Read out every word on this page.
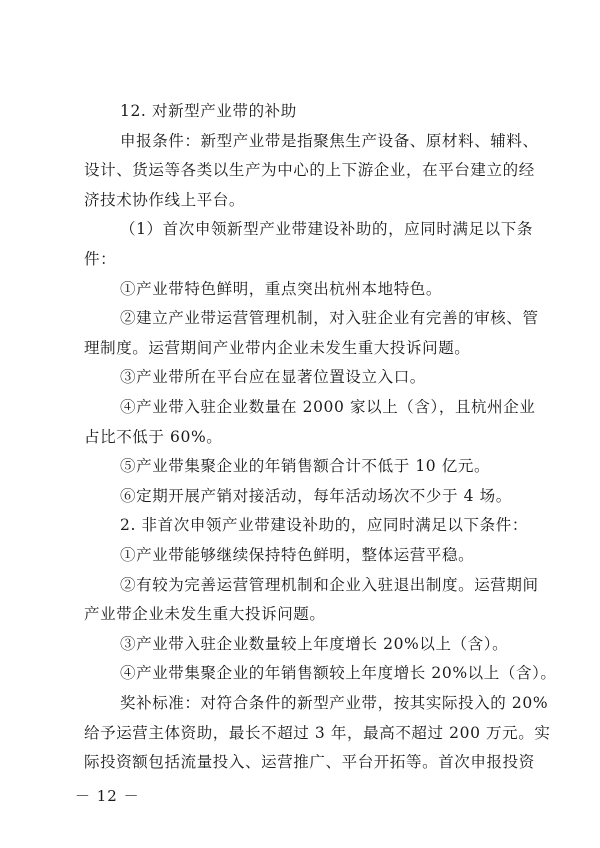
12. 对新型产业带的补助
申报条件：新型产业带是指聚焦生产设备、原材料、辅料、
设计、货运等各类以生产为中心的上下游企业，在平台建立的经
济技术协作线上平台。
（1）首次申领新型产业带建设补助的，应同时满足以下条
件：
①产业带特色鲜明，重点突出杭州本地特色。
②建立产业带运营管理机制，对入驻企业有完善的审核、管
理制度。运营期间产业带内企业未发生重大投诉问题。
③产业带所在平台应在显著位置设立入口。
④产业带入驻企业数量在 2000 家以上（含），且杭州企业
占比不低于 60%。
⑤产业带集聚企业的年销售额合计不低于 10 亿元。
⑥定期开展产销对接活动，每年活动场次不少于 4 场。
2. 非首次申领产业带建设补助的，应同时满足以下条件：
①产业带能够继续保持特色鲜明，整体运营平稳。
②有较为完善运营管理机制和企业入驻退出制度。运营期间
产业带企业未发生重大投诉问题。
③产业带入驻企业数量较上年度增长 20%以上（含）。
④产业带集聚企业的年销售额较上年度增长 20%以上（含）。
奖补标准：对符合条件的新型产业带，按其实际投入的 20%
给予运营主体资助，最长不超过 3 年，最高不超过 200 万元。实
际投资额包括流量投入、运营推广、平台开拓等。首次申报投资
－ 12 －
